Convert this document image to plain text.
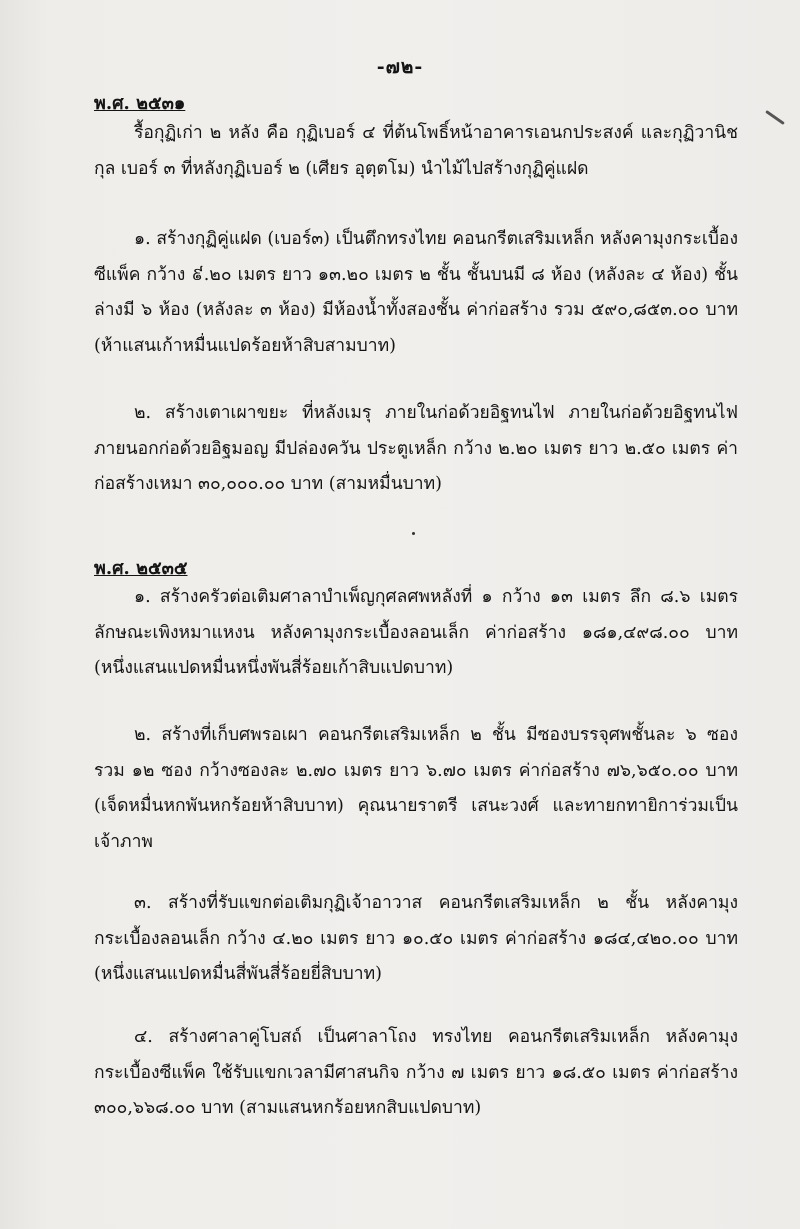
-๗๒-
พ.ศ. ๒๕๓๑
รื้อกุฏิเก่า ๒ หลัง คือ กุฏิเบอร์ ๔ ที่ต้นโพธิ์หน้าอาคารเอนกประสงค์ และกุฏิวานิชกุล เบอร์ ๓ ที่หลังกุฏิเบอร์ ๒ (เศียร อุตฺตโม) นำไม้ไปสร้างกุฏิคู่แฝด
๑. สร้างกุฏิคู่แฝด (เบอร์๓) เป็นตึกทรงไทย คอนกรีตเสริมเหล็ก หลังคามุงกระเบื้องซีแพ็ค กว้าง ៩.๒๐ เมตร ยาว ๑๓.๒๐ เมตร ๒ ชั้น ชั้นบนมี ๘ ห้อง (หลังละ ๔ ห้อง) ชั้นล่างมี ๖ ห้อง (หลังละ ๓ ห้อง) มีห้องน้ำทั้งสองชั้น ค่าก่อสร้าง รวม ๕๙๐,๘๕๓.๐๐ บาท (ห้าแสนเก้าหมื่นแปดร้อยห้าสิบสามบาท)
๒. สร้างเตาเผาขยะ ที่หลังเมรุ ภายในก่อด้วยอิฐทนไฟ ภายในก่อด้วยอิฐทนไฟ ภายนอกก่อด้วยอิฐมอญ มีปล่องควัน ประตูเหล็ก กว้าง ๒.๒๐ เมตร ยาว ๒.๕๐ เมตร ค่าก่อสร้างเหมา ๓๐,๐๐๐.๐๐ บาท (สามหมื่นบาท)
พ.ศ. ๒๕๓๕
๑. สร้างครัวต่อเติมศาลาบำเพ็ญกุศลศพหลังที่ ๑ กว้าง ๑๓ เมตร ลึก ๘.๖ เมตร ลักษณะเพิงหมาแหงน หลังคามุงกระเบื้องลอนเล็ก ค่าก่อสร้าง ๑๘๑,๔๙๘.๐๐ บาท (หนึ่งแสนแปดหมื่นหนึ่งพันสี่ร้อยเก้าสิบแปดบาท)
๒. สร้างที่เก็บศพรอเผา คอนกรีตเสริมเหล็ก ๒ ชั้น มีซองบรรจุศพชั้นละ ๖ ซอง รวม ๑๒ ซอง กว้างซองละ ๒.๗๐ เมตร ยาว ๖.๗๐ เมตร ค่าก่อสร้าง ๗๖,๖๕๐.๐๐ บาท (เจ็ดหมื่นหกพันหกร้อยห้าสิบบาท) คุณนายราตรี เสนะวงศ์ และทายกทายิการ่วมเป็นเจ้าภาพ
๓. สร้างที่รับแขกต่อเติมกุฏิเจ้าอาวาส คอนกรีตเสริมเหล็ก ๒ ชั้น หลังคามุงกระเบื้องลอนเล็ก กว้าง ๔.๒๐ เมตร ยาว ๑๐.๕๐ เมตร ค่าก่อสร้าง ๑๘๔,๔๒๐.๐๐ บาท (หนึ่งแสนแปดหมื่นสี่พันสี่ร้อยยี่สิบบาท)
๔. สร้างศาลาคู่โบสถ์ เป็นศาลาโถง ทรงไทย คอนกรีตเสริมเหล็ก หลังคามุงกระเบื้องซีแพ็ค ใช้รับแขกเวลามีศาสนกิจ กว้าง ๗ เมตร ยาว ๑๘.๕๐ เมตร ค่าก่อสร้าง ๓๐๐,๖๖๘.๐๐ บาท (สามแสนหกร้อยหกสิบแปดบาท)
